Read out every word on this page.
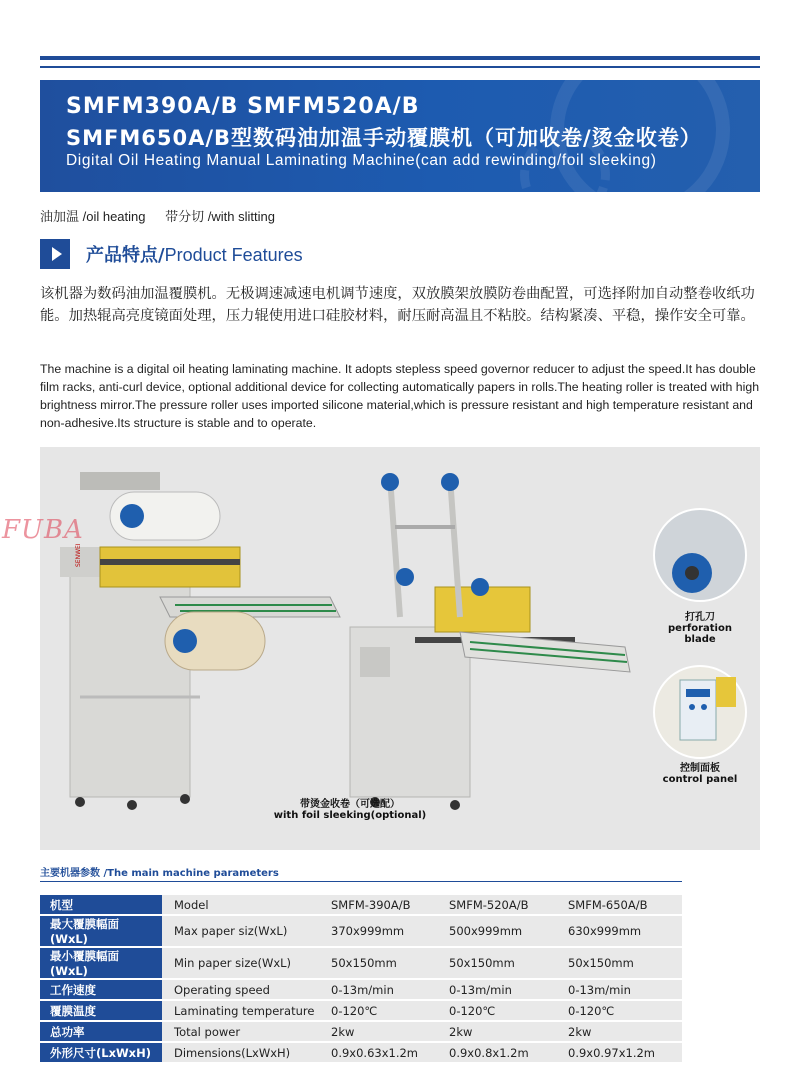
SMFM390A/B SMFM520A/B
SMFM650A/B型数码油加温手动覆膜机（可加收卷/烫金收卷）
Digital Oil Heating Manual Laminating Machine(can add rewinding/foil sleeking)
油加温 /oil heating 带分切 /with slitting
产品特点/Product Features
该机器为数码油加温覆膜机。无极调速减速电机调节速度，双放膜架放膜防卷曲配置，可选择附加自动整卷收纸功能。加热辊高亮度镜面处理，压力辊使用进口硅胶材料，耐压耐高温且不粘胶。结构紧凑、平稳，操作安全可靠。
The machine is a digital oil heating laminating machine. It adopts stepless speed governor reducer to adjust the speed.It has double film racks, anti-curl device, optional additional device for collecting automatically papers in rolls.The heating roller is treated with high brightness mirror.The pressure roller uses imported silicone material,which is pressure resistant and high temperature resistant and non-adhesive.Its structure is stable and to operate.
SENWEI
带烫金收卷（可选配）
with foil sleeking(optional)
打孔刀
perforation
blade
控制面板
control panel
FUBA
主要机器参数 /The main machine parameters
机型	Model	SMFM-390A/B	SMFM-520A/B	SMFM-650A/B
最大覆膜幅面(WxL)	Max paper siz(WxL)	370x999mm	500x999mm	630x999mm
最小覆膜幅面(WxL)	Min paper size(WxL)	50x150mm	50x150mm	50x150mm
工作速度	Operating speed	0-13m/min	0-13m/min	0-13m/min
覆膜温度	Laminating temperature	0-120℃	0-120℃	0-120℃
总功率	Total power	2kw	2kw	2kw
外形尺寸(LxWxH)	Dimensions(LxWxH)	0.9x0.63x1.2m	0.9x0.8x1.2m	0.9x0.97x1.2m
